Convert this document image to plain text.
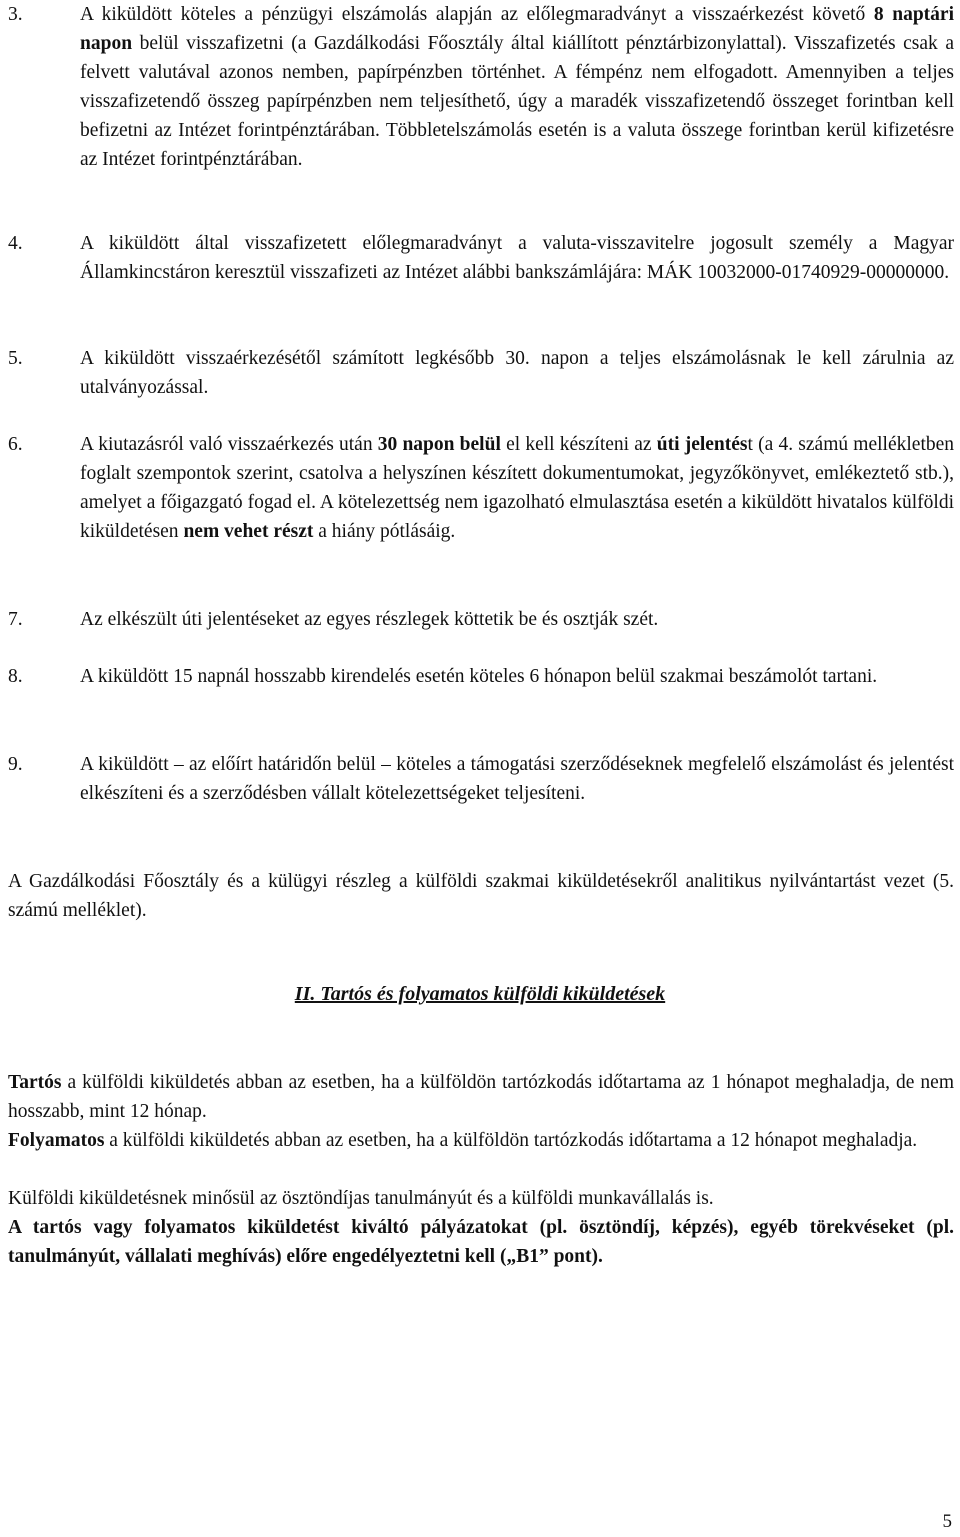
3.	A kiküldött köteles a pénzügyi elszámolás alapján az előlegmaradványt a visszaérkezést követő 8 naptári napon belül visszafizetni (a Gazdálkodási Főosztály által kiállított pénztárbizonylattal). Visszafizetés csak a felvett valutával azonos nemben, papírpénzben történhet. A fémpénz nem elfogadott. Amennyiben a teljes visszafizetendő összeg papírpénzben nem teljesíthető, úgy a maradék visszafizetendő összeget forintban kell befizetni az Intézet forintpénztárában. Többletelszámolás esetén is a valuta összege forintban kerül kifizetésre az Intézet forintpénztárában.
4.	A kiküldött által visszafizetett előlegmaradványt a valuta-visszavitelre jogosult személy a Magyar Államkincstáron keresztül visszafizeti az Intézet alábbi bankszámlájára: MÁK 10032000-01740929-00000000.
5.	A kiküldött visszaérkezésétől számított legkésőbb 30. napon a teljes elszámolásnak le kell zárulnia az utalványozással.
6.	A kiutazásról való visszaérkezés után 30 napon belül el kell készíteni az úti jelentést (a 4. számú mellékletben foglalt szempontok szerint, csatolva a helyszínen készített dokumentumokat, jegyzőkönyvet, emlékeztető stb.), amelyet a főigazgató fogad el. A kötelezettség nem igazolható elmulasztása esetén a kiküldött hivatalos külföldi kiküldetésen nem vehet részt a hiány pótlásáig.
7.	Az elkészült úti jelentéseket az egyes részlegek köttetik be és osztják szét.
8.	A kiküldött 15 napnál hosszabb kirendelés esetén köteles 6 hónapon belül szakmai beszámolót tartani.
9.	A kiküldött – az előírt határidőn belül – köteles a támogatási szerződéseknek megfelelő elszámolást és jelentést elkészíteni és a szerződésben vállalt kötelezettségeket teljesíteni.
A Gazdálkodási Főosztály és a külügyi részleg a külföldi szakmai kiküldetésekről analitikus nyilvántartást vezet (5. számú melléklet).
II. Tartós és folyamatos külföldi kiküldetések
Tartós a külföldi kiküldetés abban az esetben, ha a külföldön tartózkodás időtartama az 1 hónapot meghaladja, de nem hosszabb, mint 12 hónap.
Folyamatos a külföldi kiküldetés abban az esetben, ha a külföldön tartózkodás időtartama a 12 hónapot meghaladja.
Külföldi kiküldetésnek minősül az ösztöndíjas tanulmányút és a külföldi munkavállalás is.
A tartós vagy folyamatos kiküldetést kiváltó pályázatokat (pl. ösztöndíj, képzés), egyéb törekvéseket (pl. tanulmányút, vállalati meghívás) előre engedélyeztetni kell („B1” pont).
5
